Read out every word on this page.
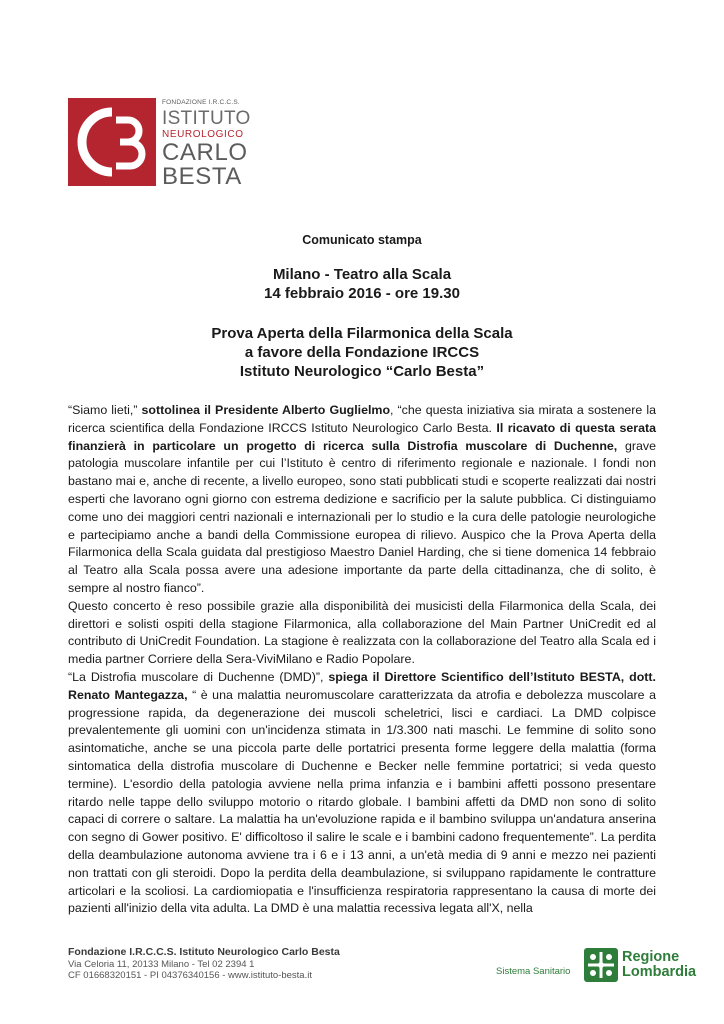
FONDAZIONE I.R.C.C.S.
ISTITUTO
NEUROLOGICO
CARLO
BESTA
Comunicato stampa
Milano - Teatro alla Scala
14 febbraio 2016 - ore 19.30
Prova Aperta della Filarmonica della Scala
a favore della Fondazione IRCCS
Istituto Neurologico “Carlo Besta”

“Siamo lieti,” sottolinea il Presidente Alberto Guglielmo, “che questa iniziativa sia mirata a sostenere la ricerca scientifica della Fondazione IRCCS Istituto Neurologico Carlo Besta. Il ricavato di questa serata finanzierà in particolare un progetto di ricerca sulla Distrofia muscolare di Duchenne, grave patologia muscolare infantile per cui l’Istituto è centro di riferimento regionale e nazionale. I fondi non bastano mai e, anche di recente, a livello europeo, sono stati pubblicati studi e scoperte realizzati dai nostri esperti che lavorano ogni giorno con estrema dedizione e sacrificio per la salute pubblica. Ci distinguiamo come uno dei maggiori centri nazionali e internazionali per lo studio e la cura delle patologie neurologiche e partecipiamo anche a bandi della Commissione europea di rilievo. Auspico che la Prova Aperta della Filarmonica della Scala guidata dal prestigioso Maestro Daniel Harding, che si tiene domenica 14 febbraio al Teatro alla Scala possa avere una adesione importante da parte della cittadinanza, che di solito, è sempre al nostro fianco”.

Questo concerto è reso possibile grazie alla disponibilità dei musicisti della Filarmonica della Scala, dei direttori e solisti ospiti della stagione Filarmonica, alla collaborazione del Main Partner UniCredit ed al contributo di UniCredit Foundation. La stagione è realizzata con la collaborazione del Teatro alla Scala ed i media partner Corriere della Sera-ViviMilano e Radio Popolare.

“La Distrofia muscolare di Duchenne (DMD)”, spiega il Direttore Scientifico dell’Istituto BESTA, dott. Renato Mantegazza, “ è una malattia neuromuscolare caratterizzata da atrofia e debolezza muscolare a progressione rapida, da degenerazione dei muscoli scheletrici, lisci e cardiaci. La DMD colpisce prevalentemente gli uomini con un'incidenza stimata in 1/3.300 nati maschi. Le femmine di solito sono asintomatiche, anche se una piccola parte delle portatrici presenta forme leggere della malattia (forma sintomatica della distrofia muscolare di Duchenne e Becker nelle femmine portatrici; si veda questo termine). L'esordio della patologia avviene nella prima infanzia e i bambini affetti possono presentare ritardo nelle tappe dello sviluppo motorio o ritardo globale. I bambini affetti da DMD non sono di solito capaci di correre o saltare. La malattia ha un'evoluzione rapida e il bambino sviluppa un'andatura anserina con segno di Gower positivo. E' difficoltoso il salire le scale e i bambini cadono frequentemente”. La perdita della deambulazione autonoma avviene tra i 6 e i 13 anni, a un'età media di 9 anni e mezzo nei pazienti non trattati con gli steroidi. Dopo la perdita della deambulazione, si sviluppano rapidamente le contratture articolari e la scoliosi. La cardiomiopatia e l'insufficienza respiratoria rappresentano la causa di morte dei pazienti all'inizio della vita adulta. La DMD è una malattia recessiva legata all'X, nella

Fondazione I.R.C.C.S. Istituto Neurologico Carlo Besta
Via Celoria 11, 20133 Milano - Tel 02 2394 1
CF 01668320151 - PI 04376340156 - www.istituto-besta.it	Sistema Sanitario
Regione
Lombardia
